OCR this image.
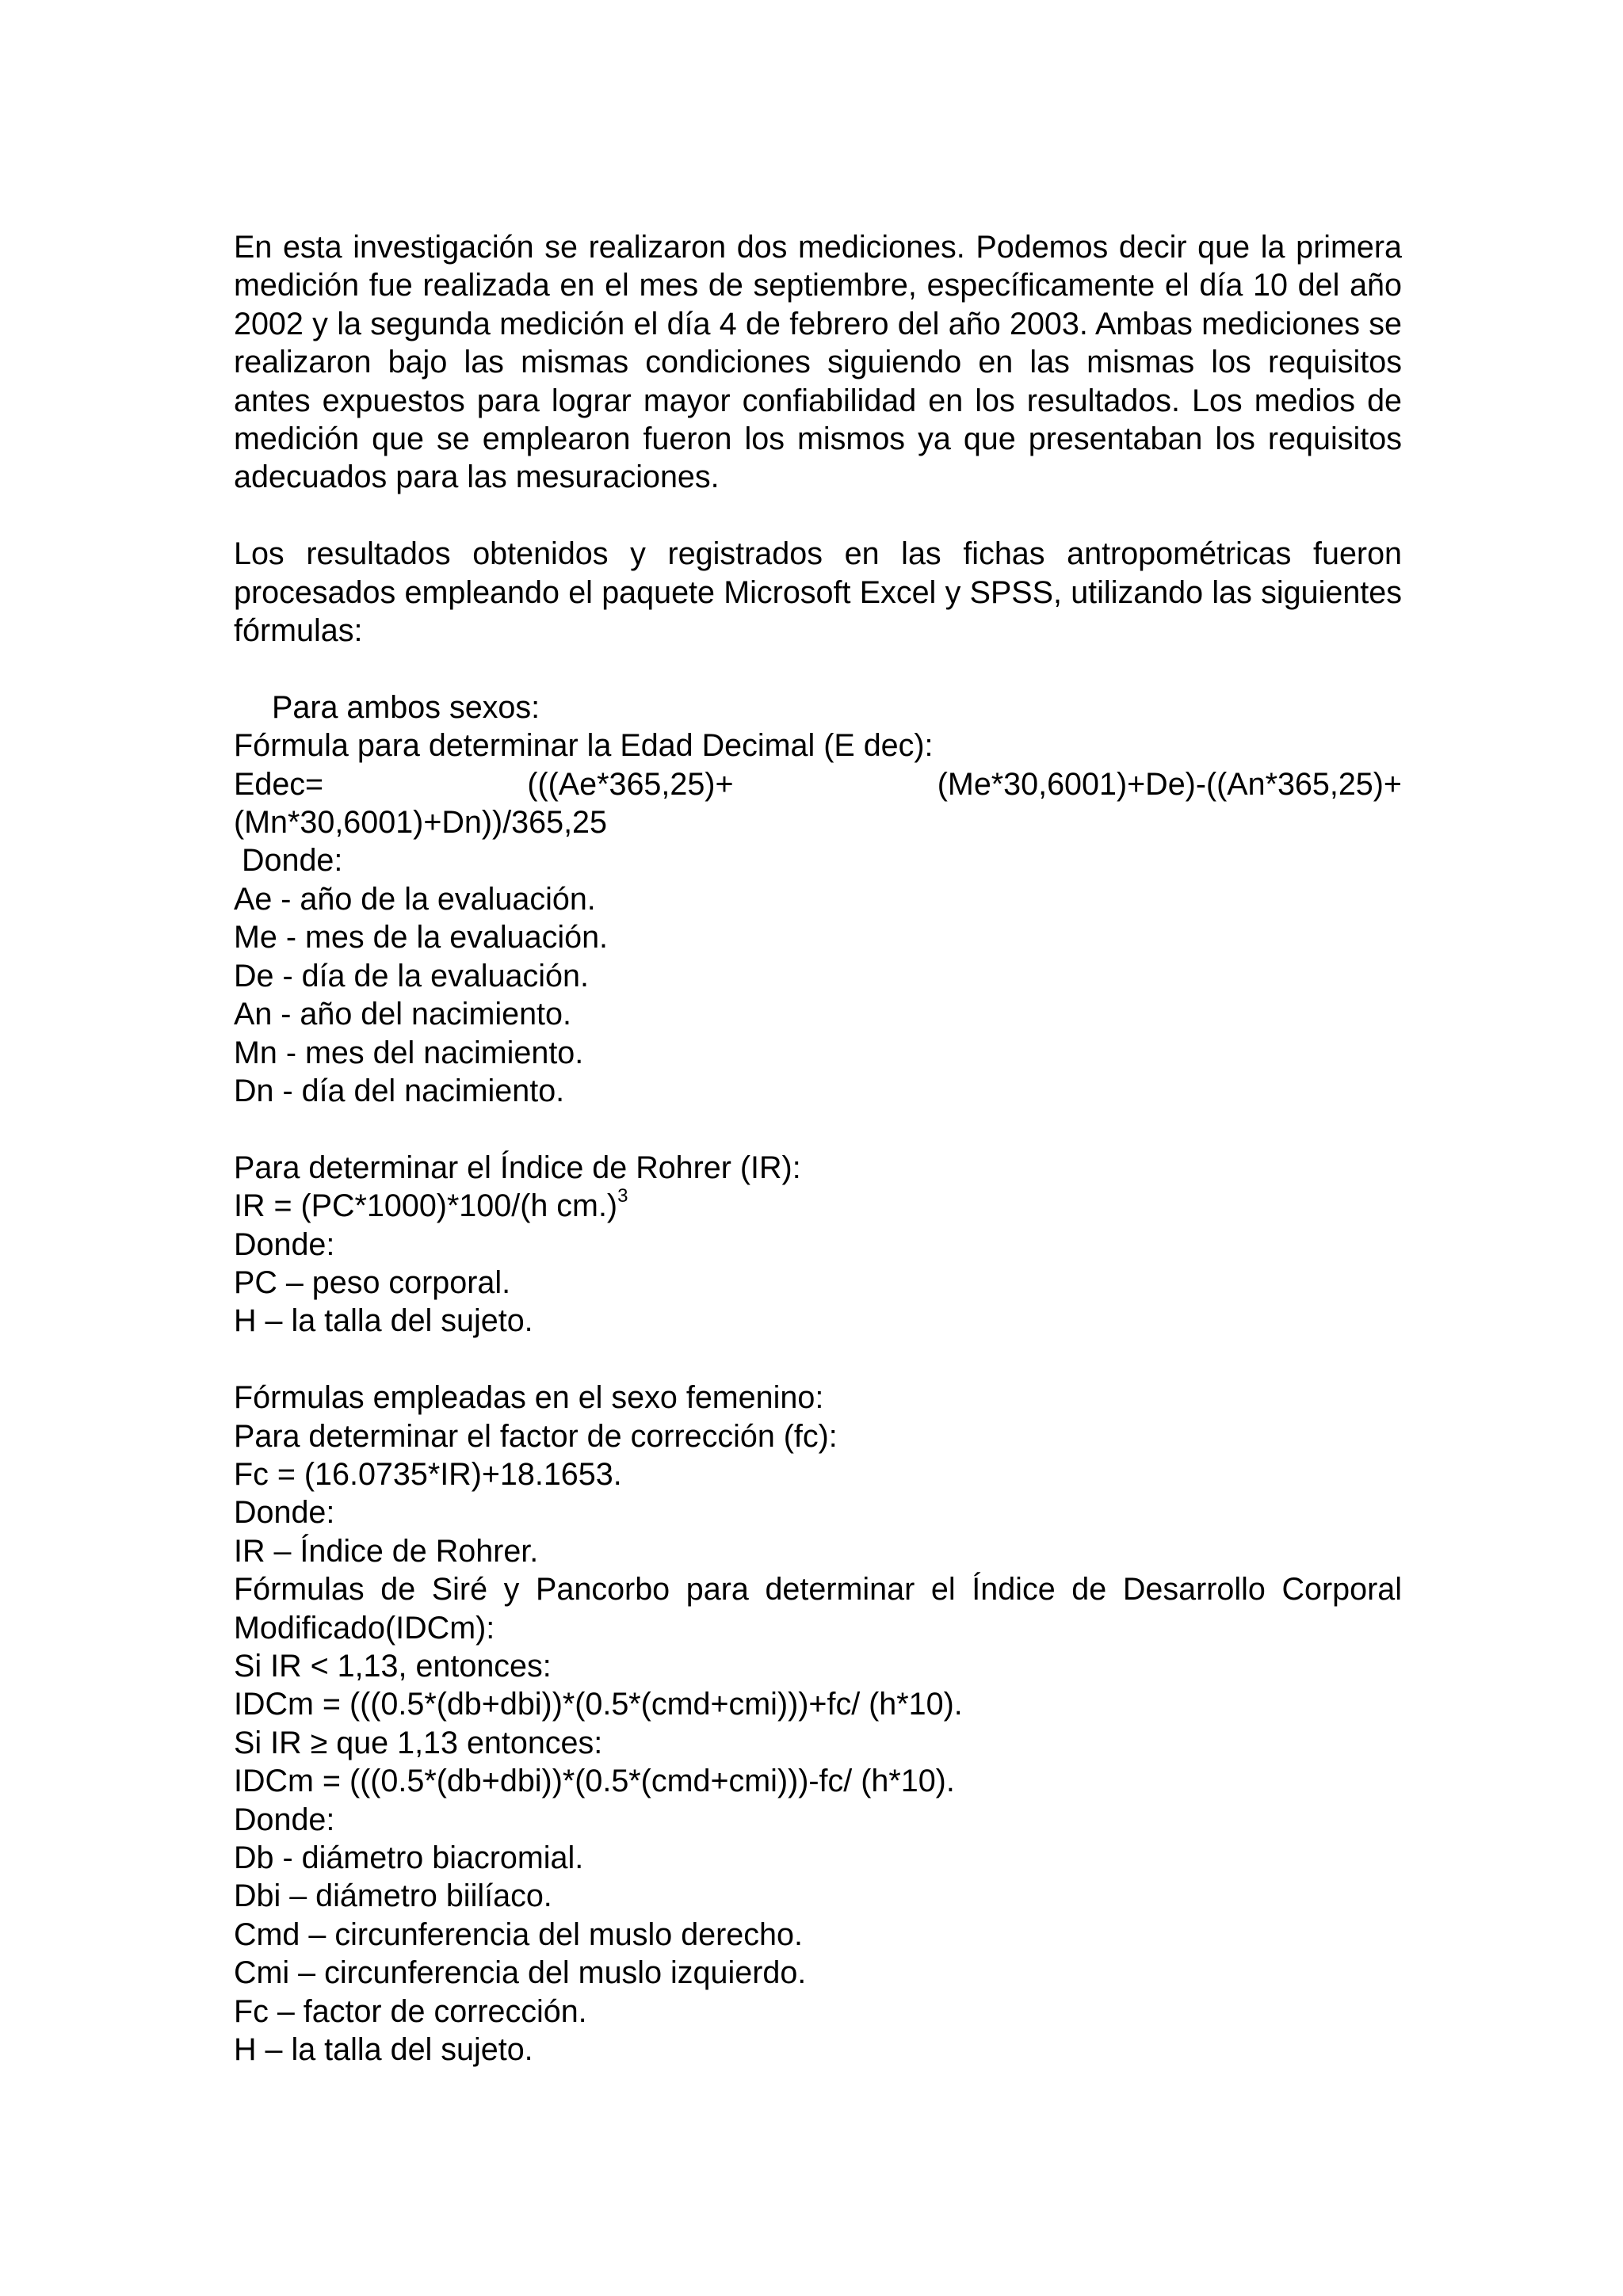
En esta investigación se realizaron dos mediciones. Podemos decir que la primera medición fue realizada en el mes de septiembre, específicamente el día 10 del año 2002 y la segunda medición el día 4 de febrero del año 2003. Ambas mediciones se realizaron bajo las mismas condiciones siguiendo en las mismas los requisitos antes expuestos para lograr mayor confiabilidad en los resultados. Los medios de medición que se emplearon fueron los mismos ya que presentaban los requisitos adecuados para las mesuraciones.

Los resultados obtenidos y registrados en las fichas antropométricas fueron procesados empleando el paquete Microsoft Excel y SPSS, utilizando las siguientes fórmulas:

Para ambos sexos:
Fórmula para determinar la Edad Decimal (E dec):
Edec=	(((Ae*365,25)+	(Me*30,6001)+De)-((An*365,25)+
(Mn*30,6001)+Dn))/365,25
Donde:
Ae - año de la evaluación.
Me - mes de la evaluación.
De - día de la evaluación.
An - año del nacimiento.
Mn - mes del nacimiento.
Dn - día del nacimiento.
Para determinar el Índice de Rohrer (IR):
IR = (PC*1000)*100/(h cm.)$^3$
Donde:
PC – peso corporal.
H – la talla del sujeto.
Fórmulas empleadas en el sexo femenino:
Para determinar el factor de corrección (fc):
Fc = (16.0735*IR)+18.1653.
Donde:
IR – Índice de Rohrer.

Fórmulas de Siré y Pancorbo para determinar el Índice de Desarrollo Corporal Modificado(IDCm):

Si IR < 1,13, entonces:
IDCm = (((0.5*(db+dbi))*(0.5*(cmd+cmi)))+fc/ (h*10).
Si IR ≥ que 1,13 entonces:
IDCm = (((0.5*(db+dbi))*(0.5*(cmd+cmi)))-fc/ (h*10).
Donde:
Db - diámetro biacromial.
Dbi – diámetro biilíaco.
Cmd – circunferencia del muslo derecho.
Cmi – circunferencia del muslo izquierdo.
Fc – factor de corrección.
H – la talla del sujeto.
